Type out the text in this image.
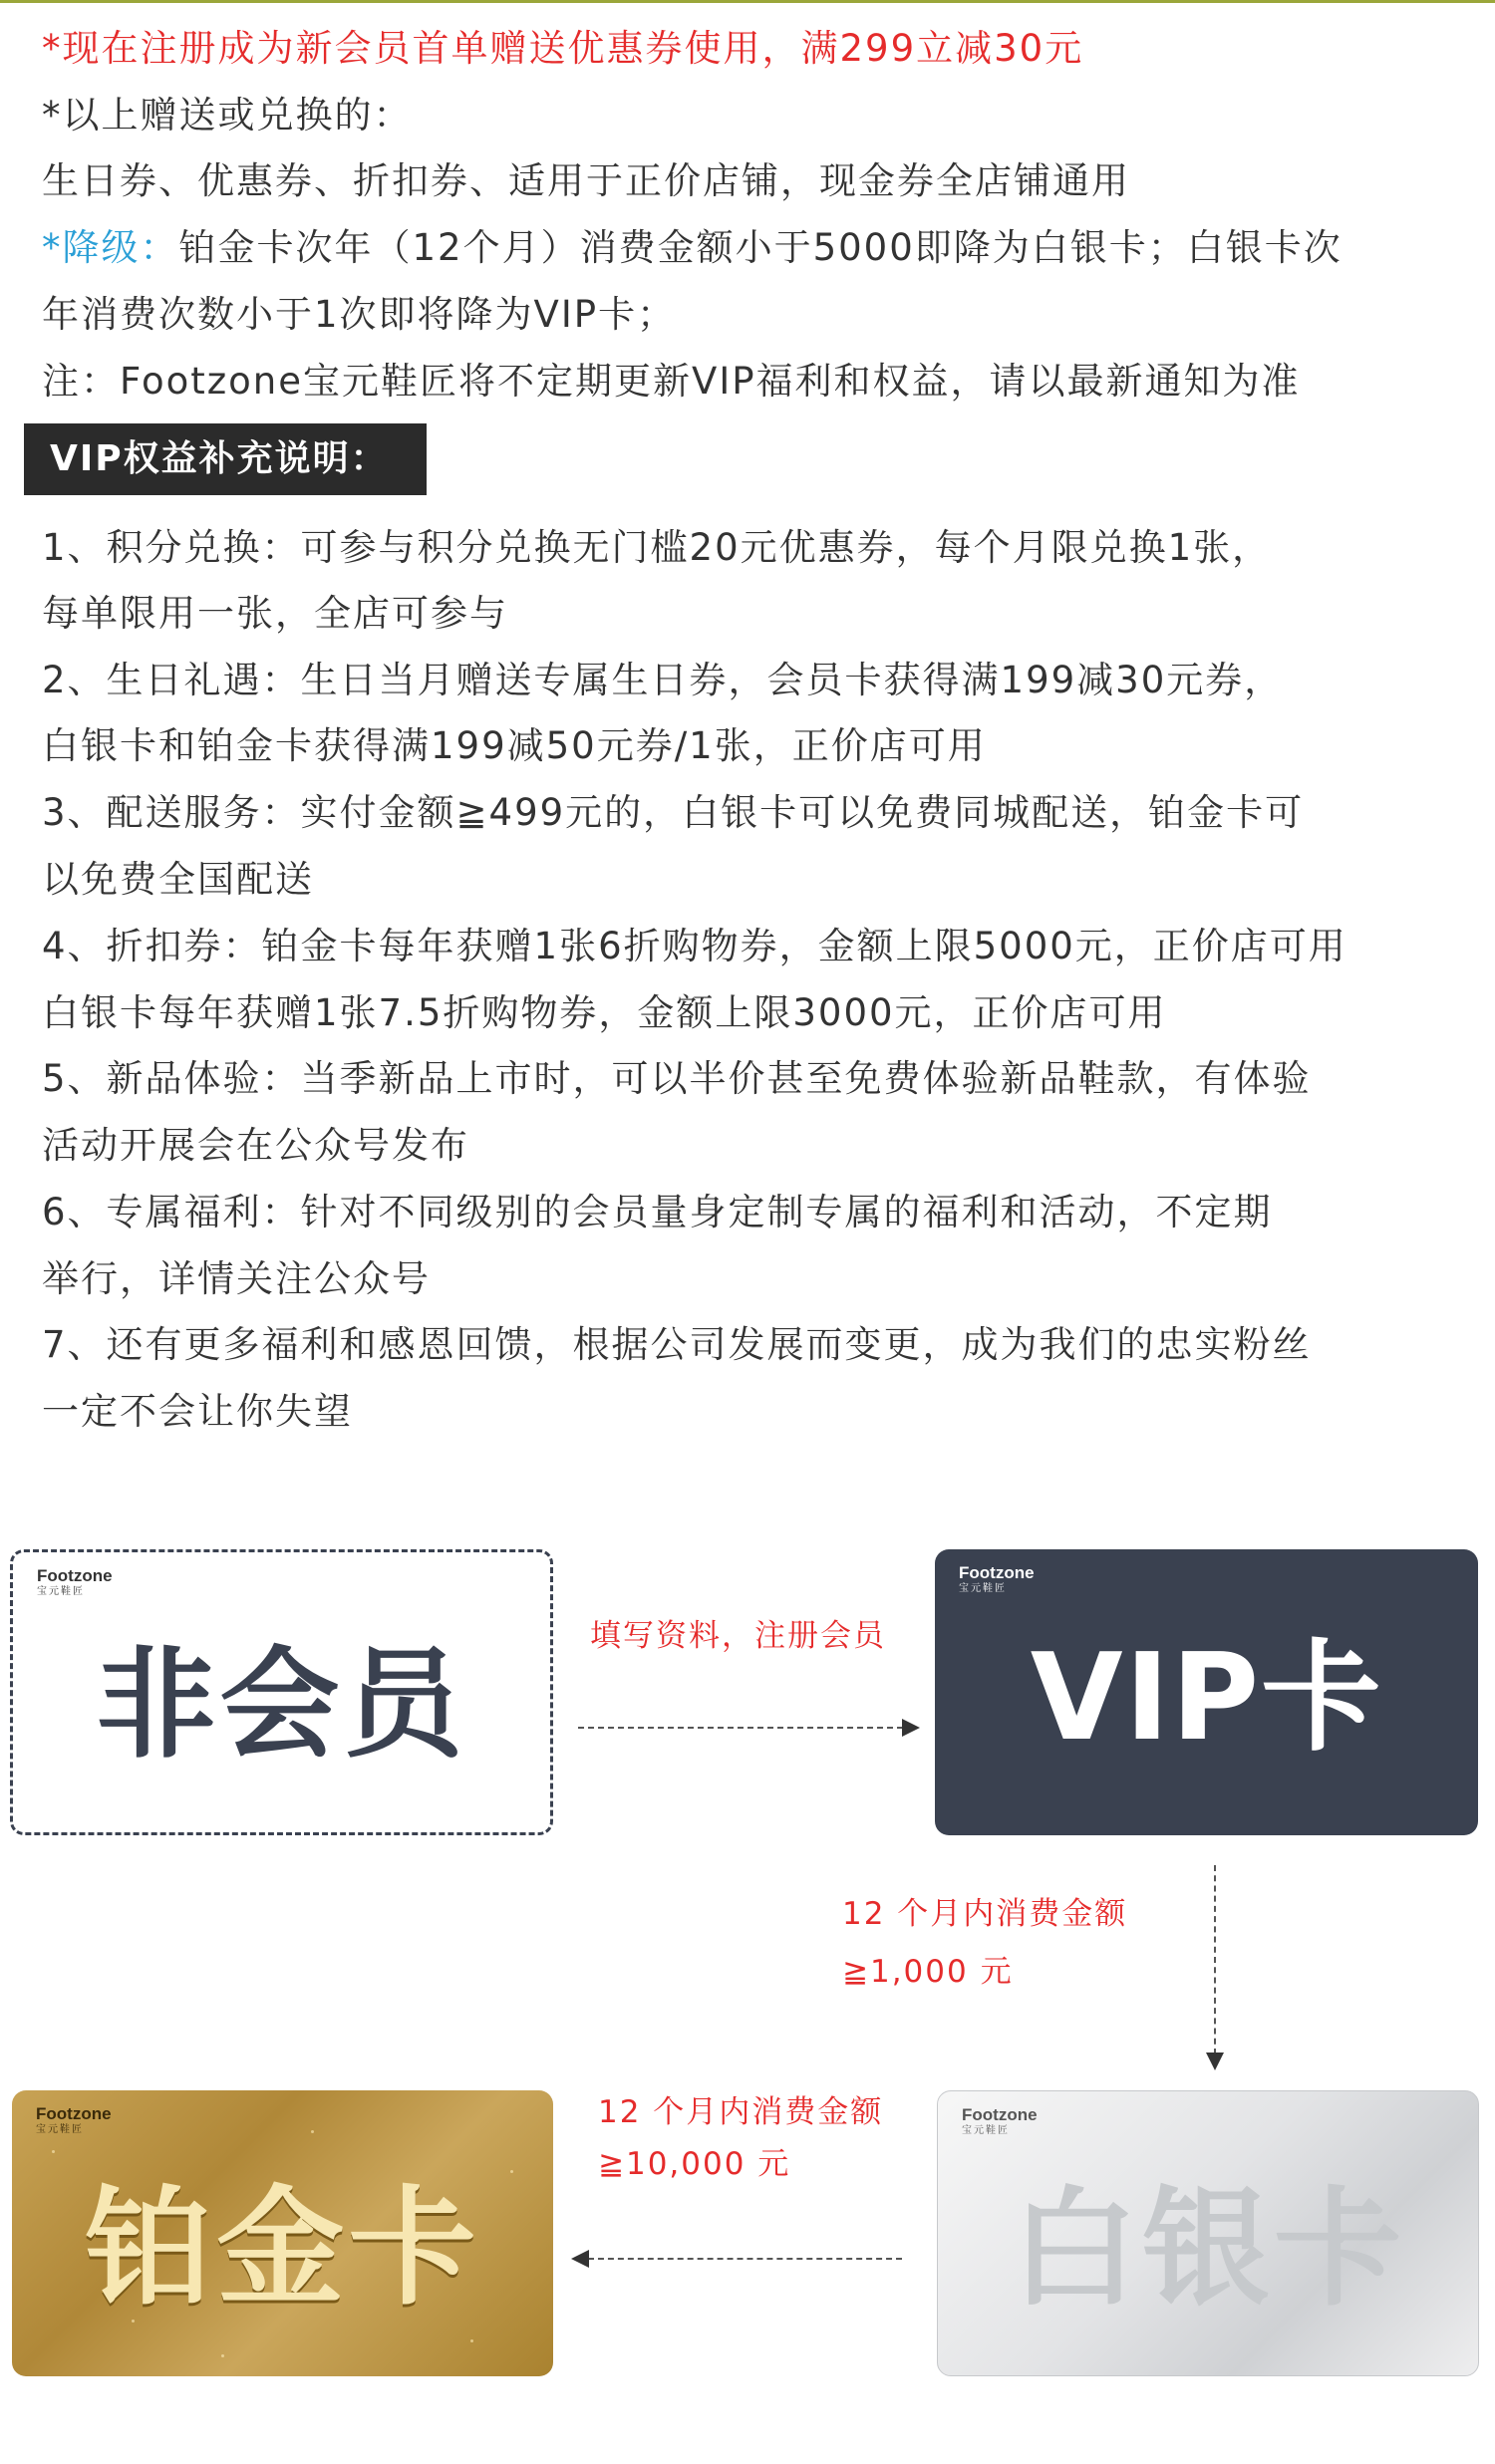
*现在注册成为新会员首单赠送优惠券使用，满299立减30元
*以上赠送或兑换的：
生日券、优惠券、折扣券、适用于正价店铺，现金券全店铺通用
*降级：铂金卡次年（12个月）消费金额小于5000即降为白银卡；白银卡次
年消费次数小于1次即将降为VIP卡；
注：Footzone宝元鞋匠将不定期更新VIP福利和权益，请以最新通知为准
VIP权益补充说明：
1、积分兑换：可参与积分兑换无门槛20元优惠券，每个月限兑换1张，
每单限用一张，全店可参与
2、生日礼遇：生日当月赠送专属生日券，会员卡获得满199减30元券，
白银卡和铂金卡获得满199减50元券/1张，正价店可用
3、配送服务：实付金额≧499元的，白银卡可以免费同城配送，铂金卡可
以免费全国配送
4、折扣券：铂金卡每年获赠1张6折购物券，金额上限5000元，正价店可用
白银卡每年获赠1张7.5折购物券，金额上限3000元，正价店可用
5、新品体验：当季新品上市时，可以半价甚至免费体验新品鞋款，有体验
活动开展会在公众号发布
6、专属福利：针对不同级别的会员量身定制专属的福利和活动，不定期
举行，详情关注公众号
7、还有更多福利和感恩回馈，根据公司发展而变更，成为我们的忠实粉丝
一定不会让你失望
Footzone
宝元鞋匠
非会员
Footzone
宝元鞋匠
VIP卡
Footzone
宝元鞋匠
白银卡
Footzone
宝元鞋匠
铂金卡
填写资料，注册会员
12 个月内消费金额
≧1,000 元
12 个月内消费金额
≧10,000 元
